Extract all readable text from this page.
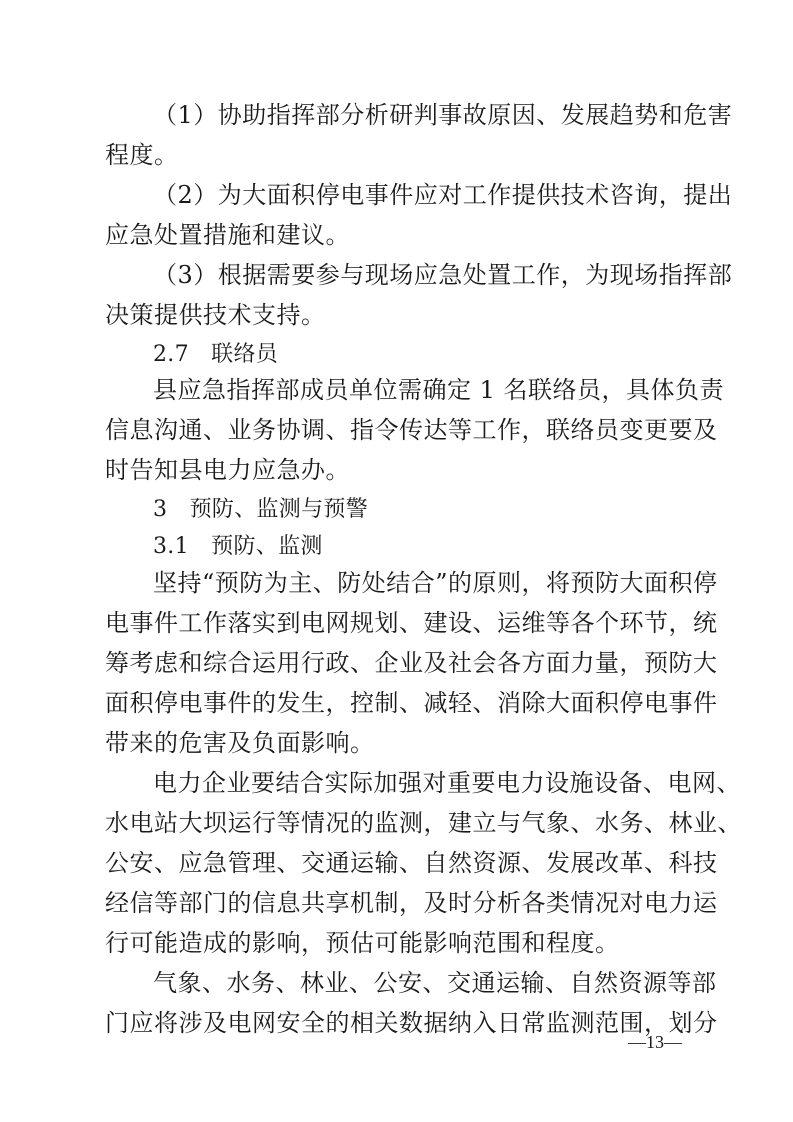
（1）协助指挥部分析研判事故原因、发展趋势和危害
程度。
（2）为大面积停电事件应对工作提供技术咨询，提出
应急处置措施和建议。
（3）根据需要参与现场应急处置工作，为现场指挥部
决策提供技术支持。
2.7　联络员
县应急指挥部成员单位需确定 1 名联络员，具体负责
信息沟通、业务协调、指令传达等工作，联络员变更要及
时告知县电力应急办。
3　预防、监测与预警
3.1　预防、监测
坚持“预防为主、防处结合”的原则，将预防大面积停
电事件工作落实到电网规划、建设、运维等各个环节，统
筹考虑和综合运用行政、企业及社会各方面力量，预防大
面积停电事件的发生，控制、减轻、消除大面积停电事件
带来的危害及负面影响。
电力企业要结合实际加强对重要电力设施设备、电网、
水电站大坝运行等情况的监测，建立与气象、水务、林业、
公安、应急管理、交通运输、自然资源、发展改革、科技
经信等部门的信息共享机制，及时分析各类情况对电力运
行可能造成的影响，预估可能影响范围和程度。
气象、水务、林业、公安、交通运输、自然资源等部
门应将涉及电网安全的相关数据纳入日常监测范围，划分
—13—
